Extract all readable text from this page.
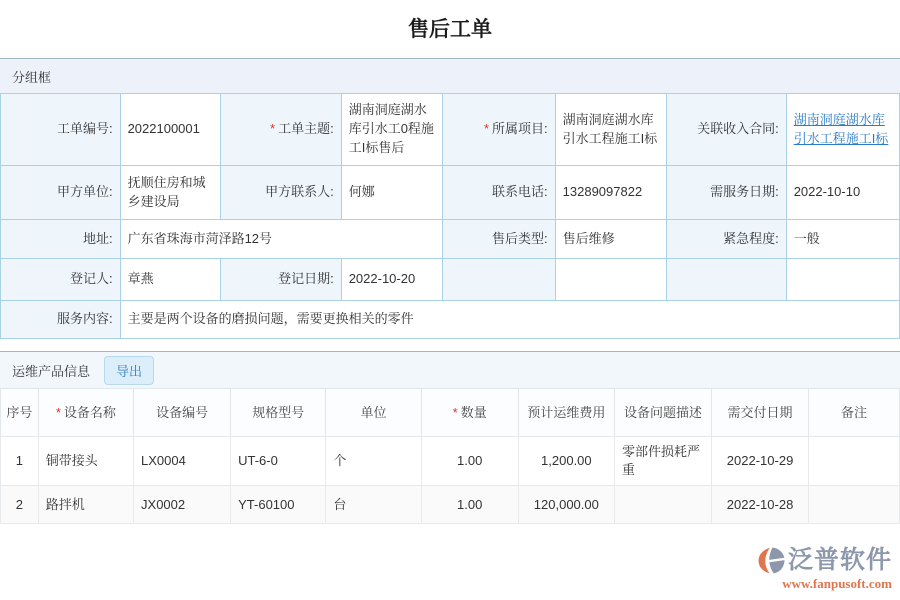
售后工单
分组框
工单编号:	2022100001	* 工单主题:	湖南洞庭湖水库引水工0程施工I标售后	* 所属项目:	湖南洞庭湖水库引水工程施工I标	关联收入合同:	湖南洞庭湖水库引水工程施工I标
甲方单位:	抚顺住房和城乡建设局	甲方联系人:	何娜	联系电话:	13289097822	需服务日期:	2022-10-10
地址:	广东省珠海市菏泽路12号			售后类型:	售后维修	紧急程度:	一般
登记人:	章燕	登记日期:	2022-10-20				
服务内容:	主要是两个设备的磨损问题，需要更换相关的零件						
运维产品信息	导出
序号	* 设备名称	设备编号	规格型号	单位	* 数量	预计运维费用	设备问题描述	需交付日期	备注
1	铜带接头	LX0004	UT-6-0	个	1.00	1,200.00	零部件损耗严重	2022-10-29	
2	路拌机	JX0002	YT-60100	台	1.00	120,000.00		2022-10-28	
泛普软件
www.fanpusoft.com
